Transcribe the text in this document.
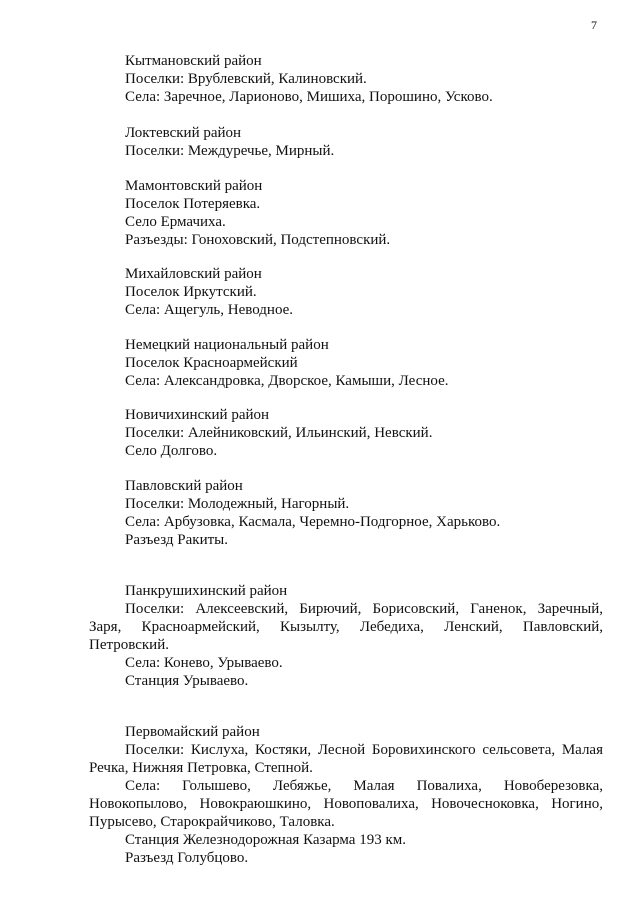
7
Кытмановский район
Поселки: Врублевский, Калиновский.
Села: Заречное, Ларионово, Мишиха, Порошино, Усково.
Локтевский район
Поселки: Междуречье, Мирный.
Мамонтовский район
Поселок Потеряевка.
Село Ермачиха.
Разъезды: Гоноховский, Подстепновский.
Михайловский район
Поселок Иркутский.
Села: Ащегуль, Неводное.
Немецкий национальный район
Поселок Красноармейский
Села: Александровка, Дворское, Камыши, Лесное.
Новичихинский район
Поселки: Алейниковский, Ильинский, Невский.
Село Долгово.
Павловский район
Поселки: Молодежный, Нагорный.
Села: Арбузовка, Касмала, Черемно-Подгорное, Харьково.
Разъезд Ракиты.
Панкрушихинский район
Поселки: Алексеевский, Бирючий, Борисовский, Ганенок, Заречный,
Заря, Красноармейский, Кызылту, Лебедиха, Ленский, Павловский,
Петровский.
Села: Конево, Урываево.
Станция Урываево.
Первомайский район
Поселки: Кислуха, Костяки, Лесной Боровихинского сельсовета, Малая
Речка, Нижняя Петровка, Степной.
Села: Голышево, Лебяжье, Малая Повалиха, Новоберезовка,
Новокопылово, Новокраюшкино, Новоповалиха, Новочесноковка, Ногино,
Пурысево, Старокрайчиково, Таловка.
Станция Железнодорожная Казарма 193 км.
Разъезд Голубцово.
